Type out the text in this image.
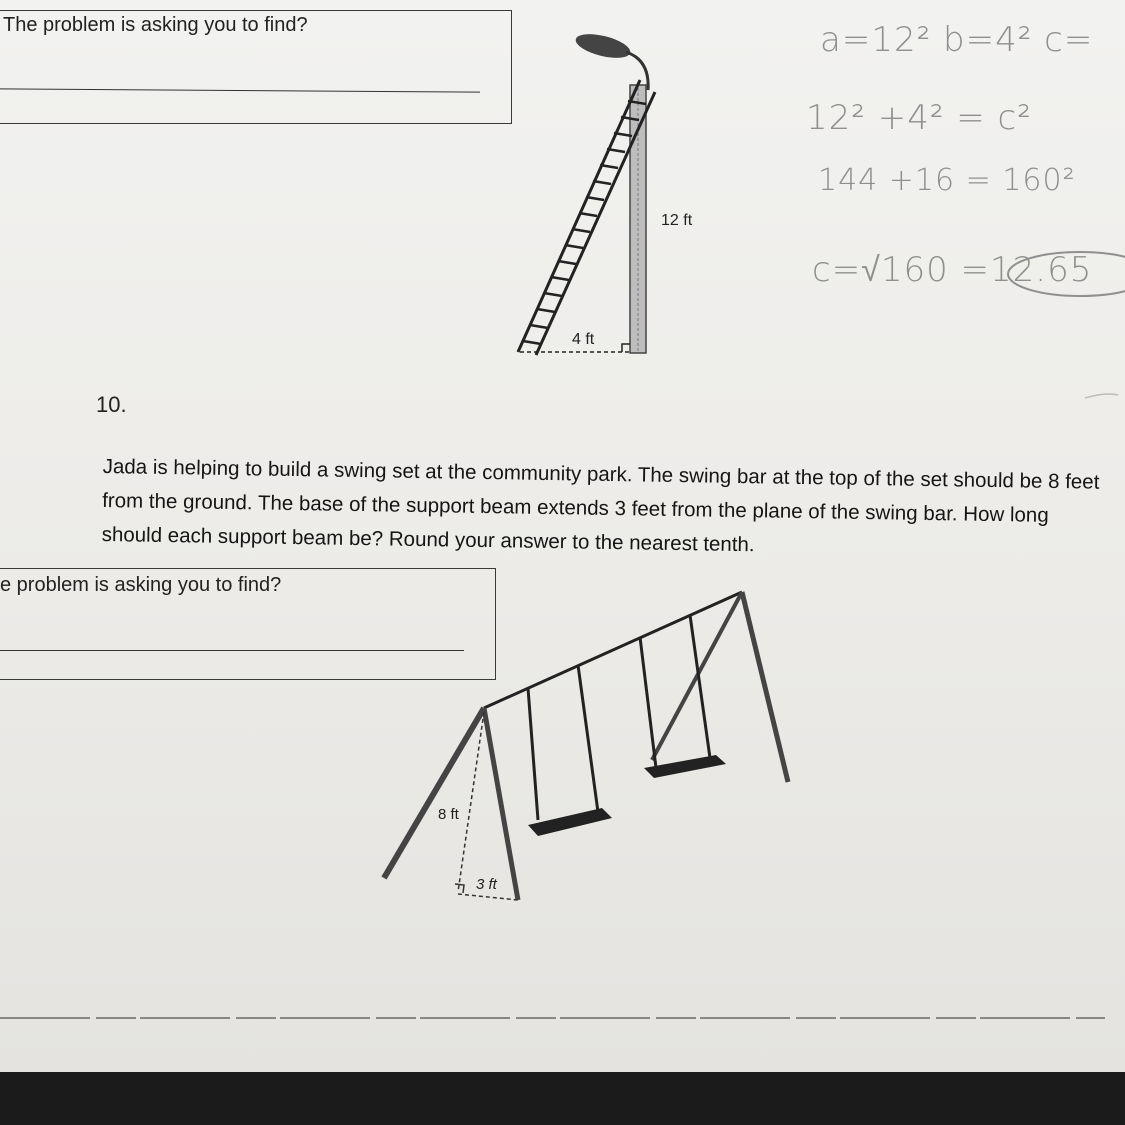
The problem is asking you to find?
12 ft
4 ft
a=12² b=4² c=
12² +4² = c²
144 +16 = 160²
c=√160 =12.65
10.
Jada is helping to build a swing set at the community park. The swing bar at the top of the set should be 8 feet from the ground. The base of the support beam extends 3 feet from the plane of the swing bar. How long should each support beam be? Round your answer to the nearest tenth.
e problem is asking you to find?
8 ft
3 ft
